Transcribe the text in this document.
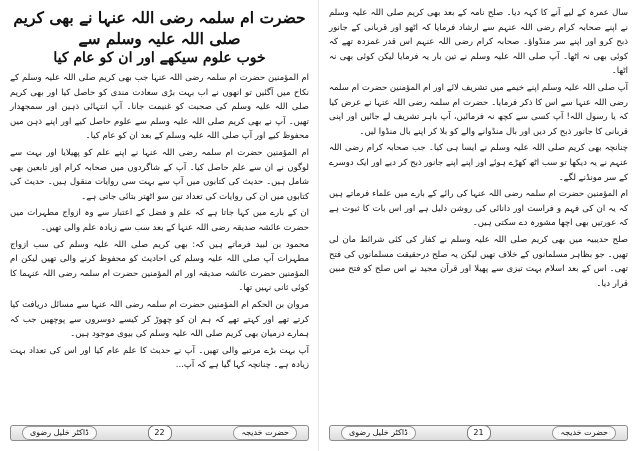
حضرت ام سلمہ رضی اللہ عنہا نے بھی کریم صلی اللہ علیہ وسلم سے
خوب علوم سیکھے اور ان کو عام کیا

ام المؤمنین حضرت ام سلمہ رضی اللہ عنہا جب بھی کریم صلی اللہ علیہ وسلم کے نکاح میں آگئیں تو انھوں نے اب بہت بڑی سعادت مندی کو حاصل کیا اور بھی کریم صلی اللہ علیہ وسلم کی صحبت کو غنیمت جانا۔ آپ انتہائی ذہین اور سمجھدار تھیں۔ آپ نے بھی کریم صلی اللہ علیہ وسلم سے علوم حاصل کیے اور اپنے ذہن میں محفوظ کیے اور آپ صلی اللہ علیہ وسلم کے بعد ان کو عام کیا۔

ام المؤمنین حضرت ام سلمہ رضی اللہ عنہا نے اپنے علم کو پھیلایا اور بہت سے لوگوں نے ان سے علم حاصل کیا۔ آپ کے شاگردوں میں صحابہ کرام اور تابعین بھی شامل ہیں۔ حدیث کی کتابوں میں آپ سے بہت سی روایات منقول ہیں۔ حدیث کی کتابوں میں ان کی روایات کی تعداد تین سو اٹھتر بتائی جاتی ہے۔

ان کے بارے میں کہا جاتا ہے کہ علم و فضل کے اعتبار سے وہ ازواج مطہرات میں حضرت عائشہ صدیقہ رضی اللہ عنہا کے بعد سب سے زیادہ علم والی تھیں۔

محمود بن لبید فرماتے ہیں کہ: بھی کریم صلی اللہ علیہ وسلم کی سب ازواج مطہرات آپ صلی اللہ علیہ وسلم کی احادیث کو محفوظ کرنے والی تھیں لیکن ام المؤمنین حضرت عائشہ صدیقہ اور ام المؤمنین حضرت ام سلمہ رضی اللہ عنہما کا کوئی ثانی نہیں تھا۔

مروان بن الحکم ام المؤمنین حضرت ام سلمہ رضی اللہ عنہا سے مسائل دریافت کیا کرتے تھے اور کہتے تھے کہ ہم ان کو چھوڑ کر کیسے دوسروں سے پوچھیں جب کہ ہمارے درمیان بھی کریم صلی اللہ علیہ وسلم کی بیوی موجود ہیں۔

آپ بہت بڑے مرتبے والی تھیں۔ آپ نے حدیث کا علم عام کیا اور اس کی تعداد بہت زیادہ ہے۔ چنانچہ کہا گیا ہے کہ آپ...

ڈاکٹر خلیل رضوی	22	حضرت خدیجہ

سال عمرہ کے لیے آنے کا کہہ دیا۔ صلح نامہ کے بعد بھی کریم صلی اللہ علیہ وسلم نے اپنے صحابہ کرام رضی اللہ عنہم سے ارشاد فرمایا کہ اٹھو اور قربانی کے جانور ذبح کرو اور اپنے سر منڈواؤ۔ صحابہ کرام رضی اللہ عنہم اس قدر غمزدہ تھے کہ کوئی بھی نہ اٹھا۔ آپ صلی اللہ علیہ وسلم نے تین بار یہ فرمایا لیکن کوئی بھی نہ اٹھا۔

آپ صلی اللہ علیہ وسلم اپنے خیمے میں تشریف لائے اور ام المؤمنین حضرت ام سلمہ رضی اللہ عنہا سے اس کا ذکر فرمایا۔ حضرت ام سلمہ رضی اللہ عنہا نے عرض کیا کہ یا رسول اللہ! آپ کسی سے کچھ نہ فرمائیں، آپ باہر تشریف لے جائیں اور اپنی قربانی کا جانور ذبح کر دیں اور بال منڈوانے والے کو بلا کر اپنے بال منڈوا لیں۔

چنانچہ بھی کریم صلی اللہ علیہ وسلم نے ایسا ہی کیا۔ جب صحابہ کرام رضی اللہ عنہم نے یہ دیکھا تو سب اٹھ کھڑے ہوئے اور اپنے اپنے جانور ذبح کر دیے اور ایک دوسرے کے سر مونڈنے لگے۔

ام المؤمنین حضرت ام سلمہ رضی اللہ عنہا کی رائے کے بارے میں علماء فرماتے ہیں کہ یہ ان کی فہم و فراست اور دانائی کی روشن دلیل ہے اور اس بات کا ثبوت ہے کہ عورتیں بھی اچھا مشورہ دے سکتی ہیں۔

صلح حدیبیہ میں بھی کریم صلی اللہ علیہ وسلم نے کفار کی کئی شرائط مان لی تھیں۔ جو بظاہر مسلمانوں کے خلاف تھیں لیکن یہ صلح درحقیقت مسلمانوں کی فتح تھی۔ اس کے بعد اسلام بہت تیزی سے پھیلا اور قرآن مجید نے اس صلح کو فتح مبین قرار دیا۔

ڈاکٹر خلیل رضوی	21	حضرت خدیجہ
